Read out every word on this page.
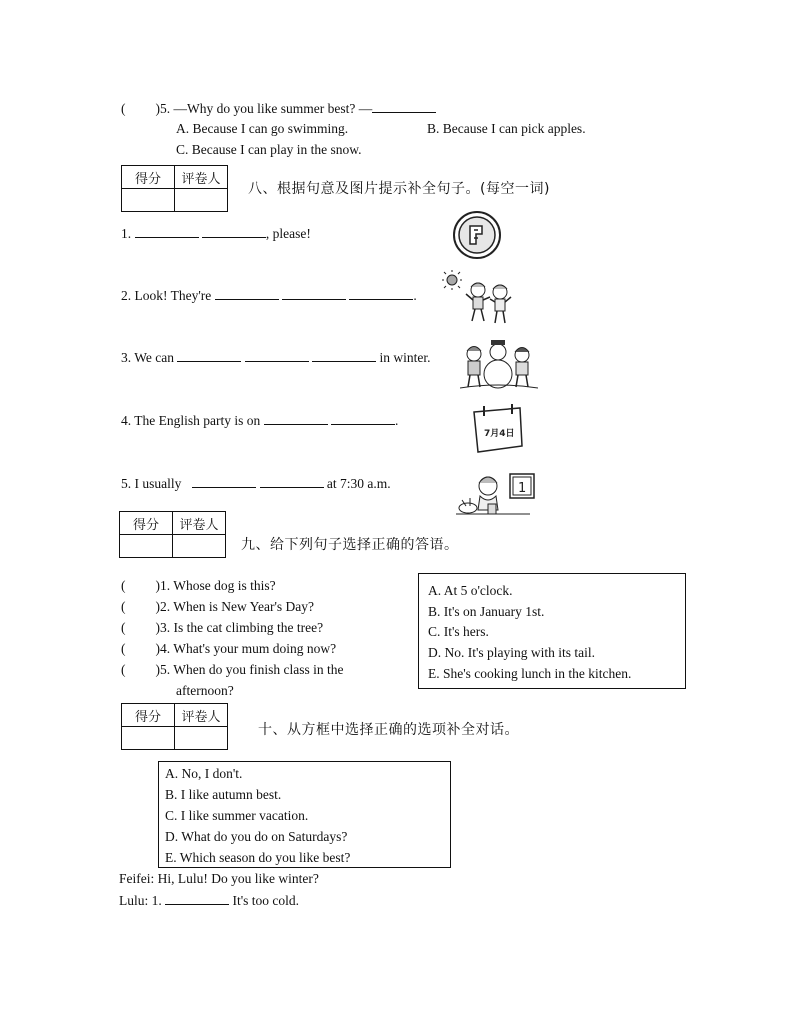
( )5. —Why do you like summer best? —
A. Because I can go swimming.	B. Because I can pick apples.
C. Because I can play in the snow.
得分	评卷人

八、根据句意及图片提示补全句子。(每空一词)
1.	, please!
2. Look! They're	.
3. We can	in winter.
4. The English party is on	.
5. I usually	at 7:30 a.m.
7月4日
1
得分	评卷人

九、给下列句子选择正确的答语。
( )1. Whose dog is this?
( )2. When is New Year's Day?
( )3. Is the cat climbing the tree?
( )4. What's your mum doing now?
( )5. When do you finish class in the
afternoon?
A. At 5 o'clock.
B. It's on January 1st.
C. It's hers.
D. No. It's playing with its tail.
E. She's cooking lunch in the kitchen.
得分	评卷人

十、从方框中选择正确的选项补全对话。
A. No, I don't.
B. I like autumn best.
C. I like summer vacation.
D. What do you do on Saturdays?
E. Which season do you like best?
Feifei: Hi, Lulu! Do you like winter?
Lulu: 1.	It's too cold.
